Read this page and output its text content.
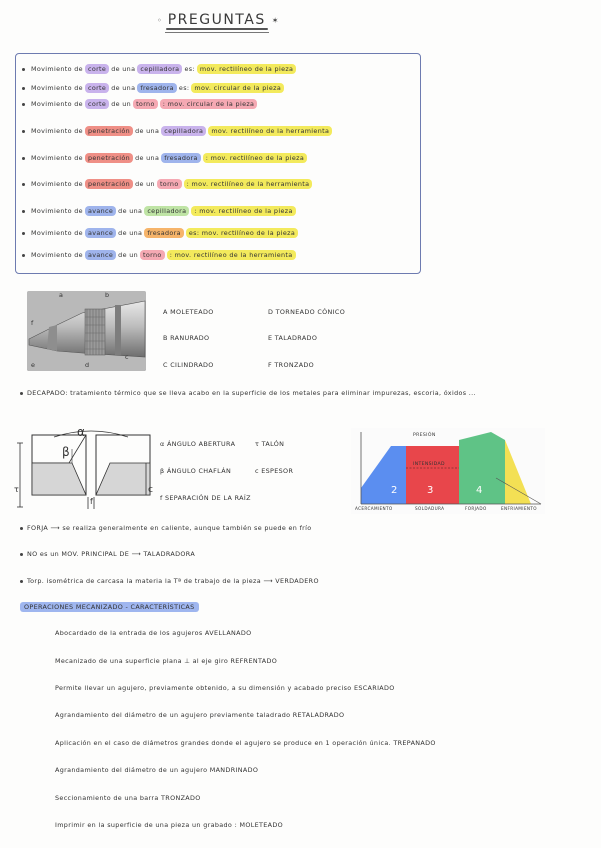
◦ PREGUNTAS ✶
Movimiento de corte de una cepilladora es: mov. rectilíneo de la pieza
Movimiento de corte de una fresadora es: mov. circular de la pieza
Movimiento de corte de un torno	: mov. circular de la pieza
Movimiento de penetración de una cepilladora	mov. rectilíneo de la herramienta
Movimiento de penetración de una fresadora	: mov. rectilíneo de la pieza
Movimiento de penetración de un torno	: mov. rectilíneo de la herramienta
Movimiento de avance de una cepilladora	: mov. rectilíneo de la pieza
Movimiento de avance de una fresadora	es: mov. rectilíneo de la pieza
Movimiento de avance de un torno	: mov. rectilíneo de la herramienta
a	b
f
e	d
c
A MOLETEADO	D TORNEADO CÓNICO
B RANURADO	E TALADRADO
C CILINDRADO	F TRONZADO
DECAPADO: tratamiento térmico que se lleva acabo en la superficie de los metales para eliminar impurezas, escoria, óxidos ...
α
β
τ	c
f
α ÁNGULO ABERTURA	τ TALÓN
β ÁNGULO CHAFLÁN	c ESPESOR
f SEPARACIÓN DE LA RAÍZ
PRESIÓN
INTENSIDAD
2	3	4
ACERCAMIENTO	SOLDADURA	FORJADO	ENFRIAMIENTO
FORJA ⟶ se realiza generalmente en caliente, aunque también se puede en frío
NO es un MOV. PRINCIPAL DE ⟶ TALADRADORA
Torp. isométrica de carcasa la materia la Tª de trabajo de la pieza ⟶ VERDADERO
OPERACIONES MECANIZADO - CARACTERÍSTICAS
Abocardado de la entrada de los agujeros AVELLANADO
Mecanizado de una superficie plana ⊥ al eje giro REFRENTADO
Permite llevar un agujero, previamente obtenido, a su dimensión y acabado preciso ESCARIADO
Agrandamiento del diámetro de un agujero previamente taladrado RETALADRADO
Aplicación en el caso de diámetros grandes donde el agujero se produce en 1 operación única. TREPANADO
Agrandamiento del diámetro de un agujero MANDRINADO
Seccionamiento de una barra TRONZADO
Imprimir en la superficie de una pieza un grabado : MOLETEADO
